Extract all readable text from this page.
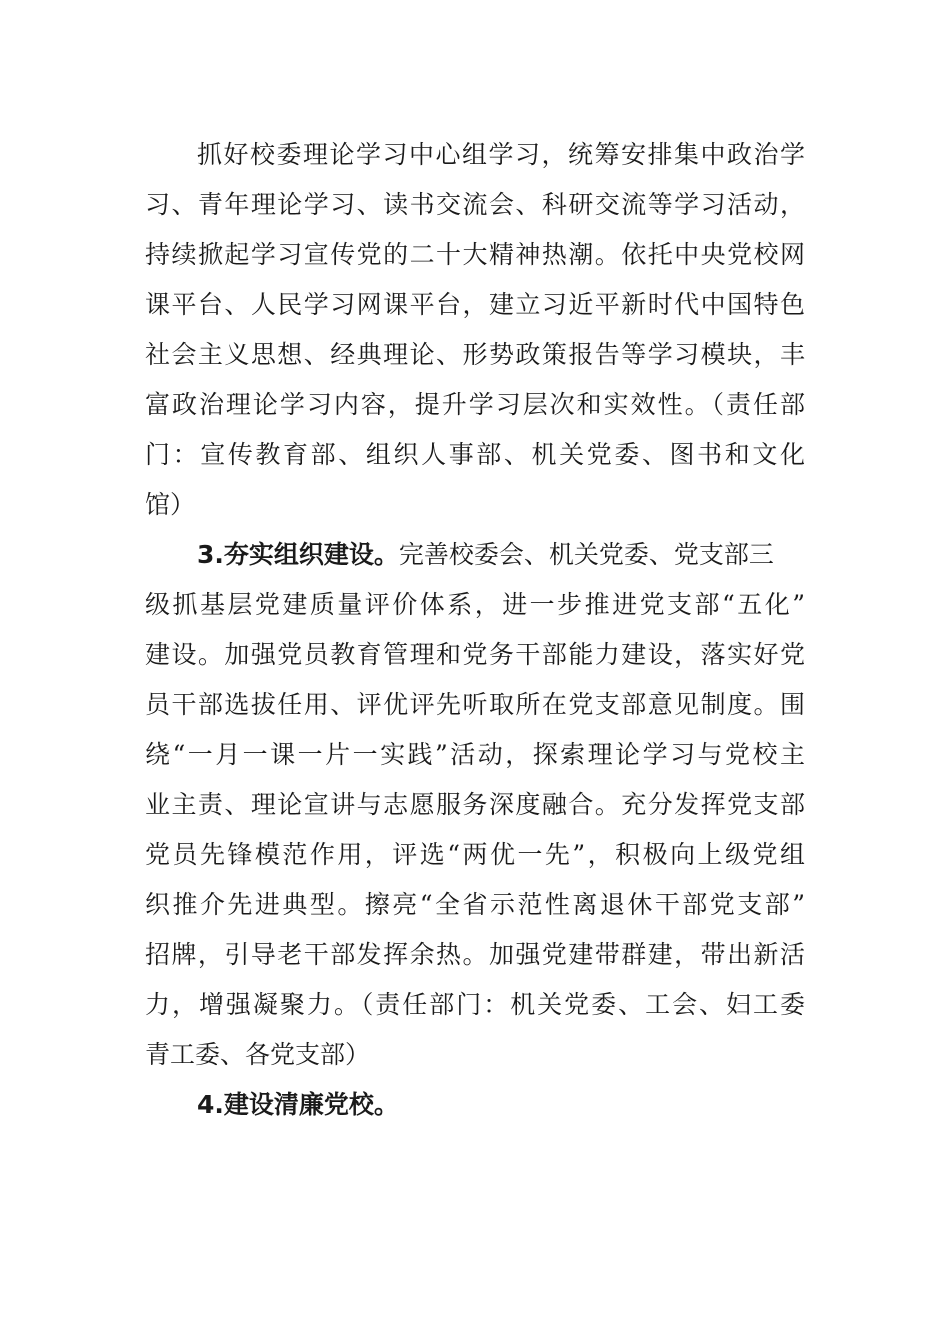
抓好校委理论学习中心组学习，统筹安排集中政治学
习、青年理论学习、读书交流会、科研交流等学习活动，
持续掀起学习宣传党的二十大精神热潮。依托中央党校网
课平台、人民学习网课平台，建立习近平新时代中国特色
社会主义思想、经典理论、形势政策报告等学习模块，丰
富政治理论学习内容，提升学习层次和实效性。（责任部
门：宣传教育部、组织人事部、机关党委、图书和文化
馆）
3.夯实组织建设。完善校委会、机关党委、党支部三
级抓基层党建质量评价体系，进一步推进党支部“五化”
建设。加强党员教育管理和党务干部能力建设，落实好党
员干部选拔任用、评优评先听取所在党支部意见制度。围
绕“一月一课一片一实践”活动，探索理论学习与党校主
业主责、理论宣讲与志愿服务深度融合。充分发挥党支部
党员先锋模范作用，评选“两优一先”，积极向上级党组
织推介先进典型。擦亮“全省示范性离退休干部党支部”
招牌，引导老干部发挥余热。加强党建带群建，带出新活
力，增强凝聚力。（责任部门：机关党委、工会、妇工委
青工委、各党支部）
4.建设清廉党校。
